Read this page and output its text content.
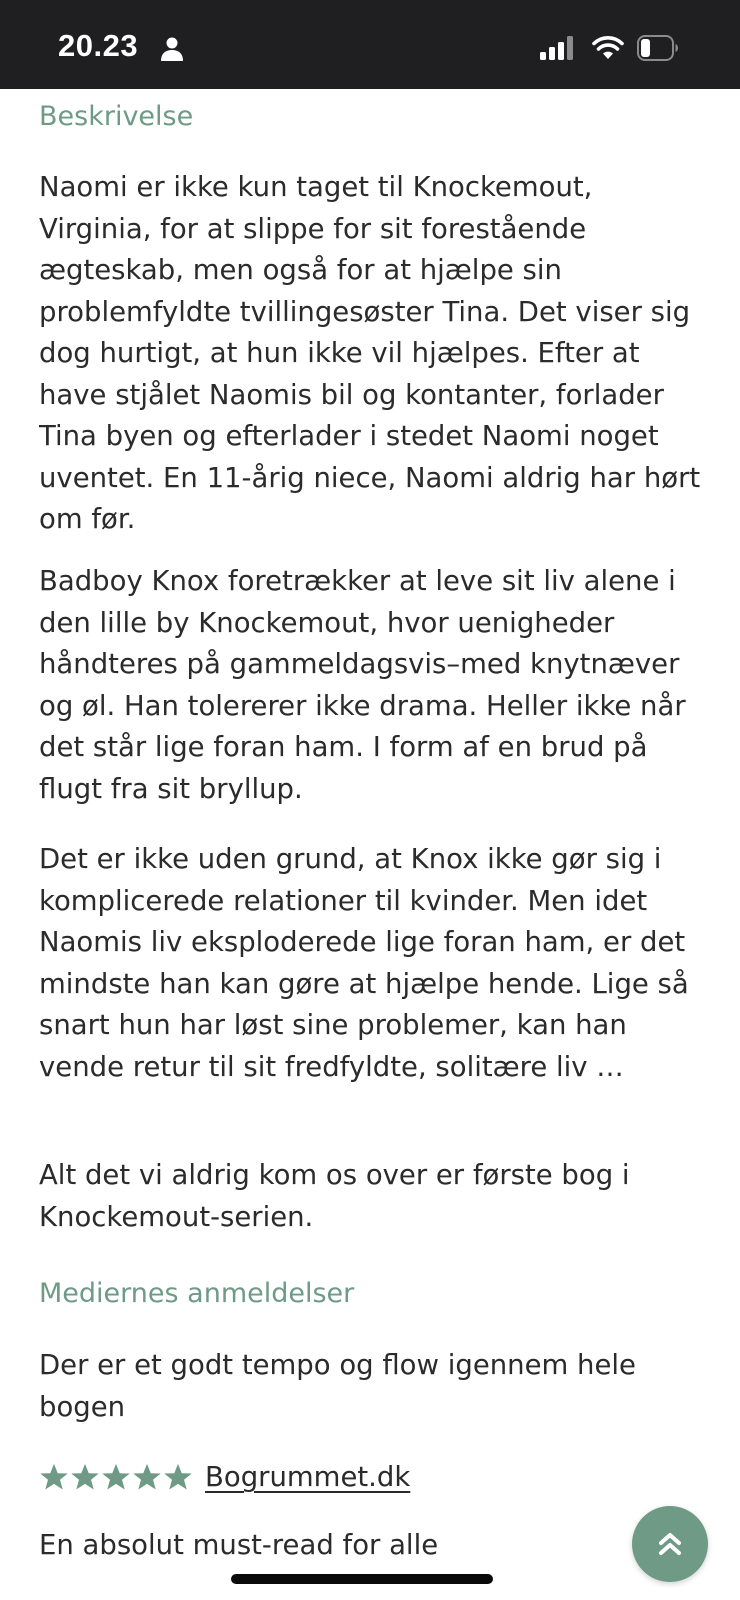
20.23
Beskrivelse

Naomi er ikke kun taget til Knockemout, Virginia, for at slippe for sit forestående ægteskab, men også for at hjælpe sin problemfyldte tvillingesøster Tina. Det viser sig dog hurtigt, at hun ikke vil hjælpes. Efter at have stjålet Naomis bil og kontanter, forlader Tina byen og efterlader i stedet Naomi noget uventet. En 11-årig niece, Naomi aldrig har hørt om før.

Badboy Knox foretrækker at leve sit liv alene i den lille by Knockemout, hvor uenigheder håndteres på gammeldagsvis–med knytnæver og øl. Han tolererer ikke drama. Heller ikke når det står lige foran ham. I form af en brud på flugt fra sit bryllup.

Det er ikke uden grund, at Knox ikke gør sig i komplicerede relationer til kvinder. Men idet Naomis liv eksploderede lige foran ham, er det mindste han kan gøre at hjælpe hende. Lige så snart hun har løst sine problemer, kan han vende retur til sit fredfyldte, solitære liv …

Alt det vi aldrig kom os over er første bog i Knockemout-serien.

Mediernes anmeldelser

Der er et godt tempo og flow igennem hele bogen

Bogrummet.dk

En absolut must-read for alle
